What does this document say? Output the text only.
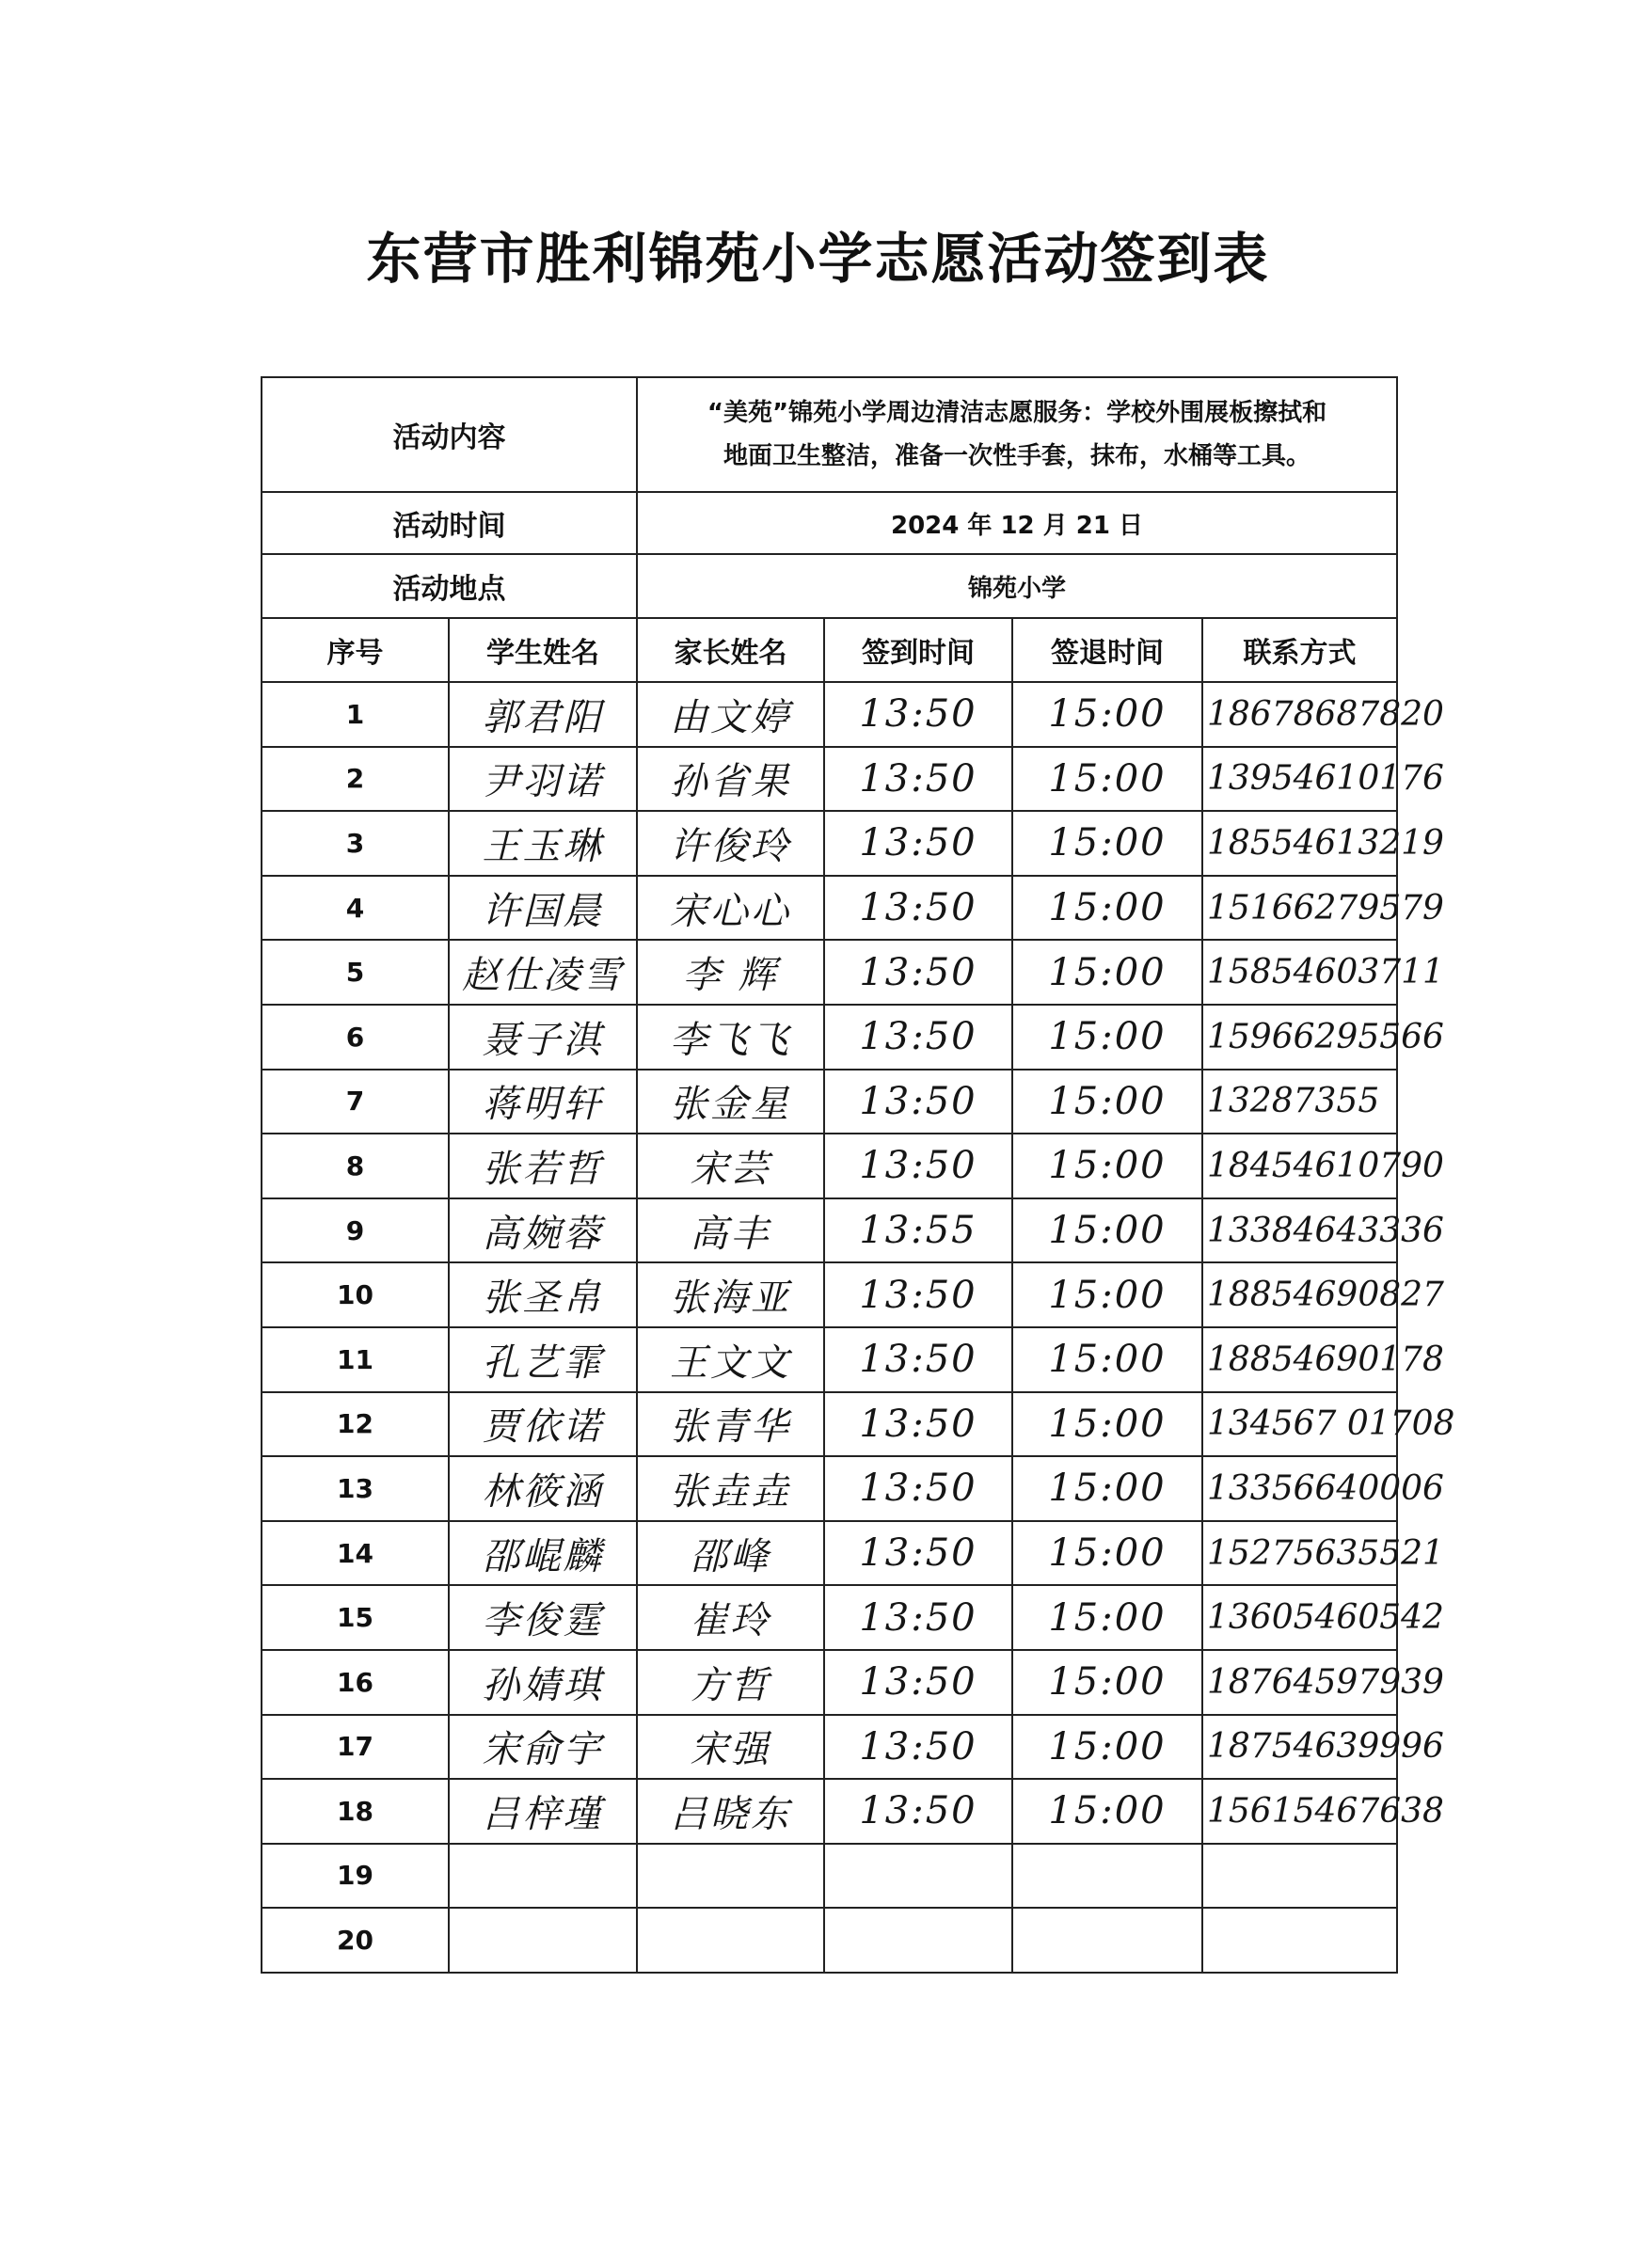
东营市胜利锦苑小学志愿活动签到表
活动内容		“美苑”锦苑小学周边清洁志愿服务：学校外围展板擦拭和
地面卫生整洁，准备一次性手套，抹布，水桶等工具。			

活动时间		2024 年 12 月 21 日			
活动地点		锦苑小学			
序号	学生姓名	家长姓名	签到时间	签退时间	联系方式
1	郭君阳	由文婷	13:50	15:00	18678687820
2	尹羽诺	孙省果	13:50	15:00	13954610176
3	王玉琳	许俊玲	13:50	15:00	18554613219
4	许国晨	宋心心	13:50	15:00	15166279579
5	赵仕凌雪	李 辉	13:50	15:00	15854603711
6	聂子淇	李飞飞	13:50	15:00	15966295566
7	蒋明轩	张金星	13:50	15:00	13287355
8	张若哲	宋芸	13:50	15:00	18454610790
9	高婉蓉	高丰	13:55	15:00	13384643336
10	张圣帛	张海亚	13:50	15:00	18854690827
11	孔艺霏	王文文	13:50	15:00	18854690178
12	贾依诺	张青华	13:50	15:00	134567 01708
13	林筱涵	张垚垚	13:50	15:00	13356640006
14	邵崐麟	邵峰	13:50	15:00	15275635521
15	李俊霆	崔玲	13:50	15:00	13605460542
16	孙婧琪	方哲	13:50	15:00	18764597939
17	宋俞宇	宋强	13:50	15:00	18754639996
18	吕梓瑾	吕晓东	13:50	15:00	15615467638
19					
20					
